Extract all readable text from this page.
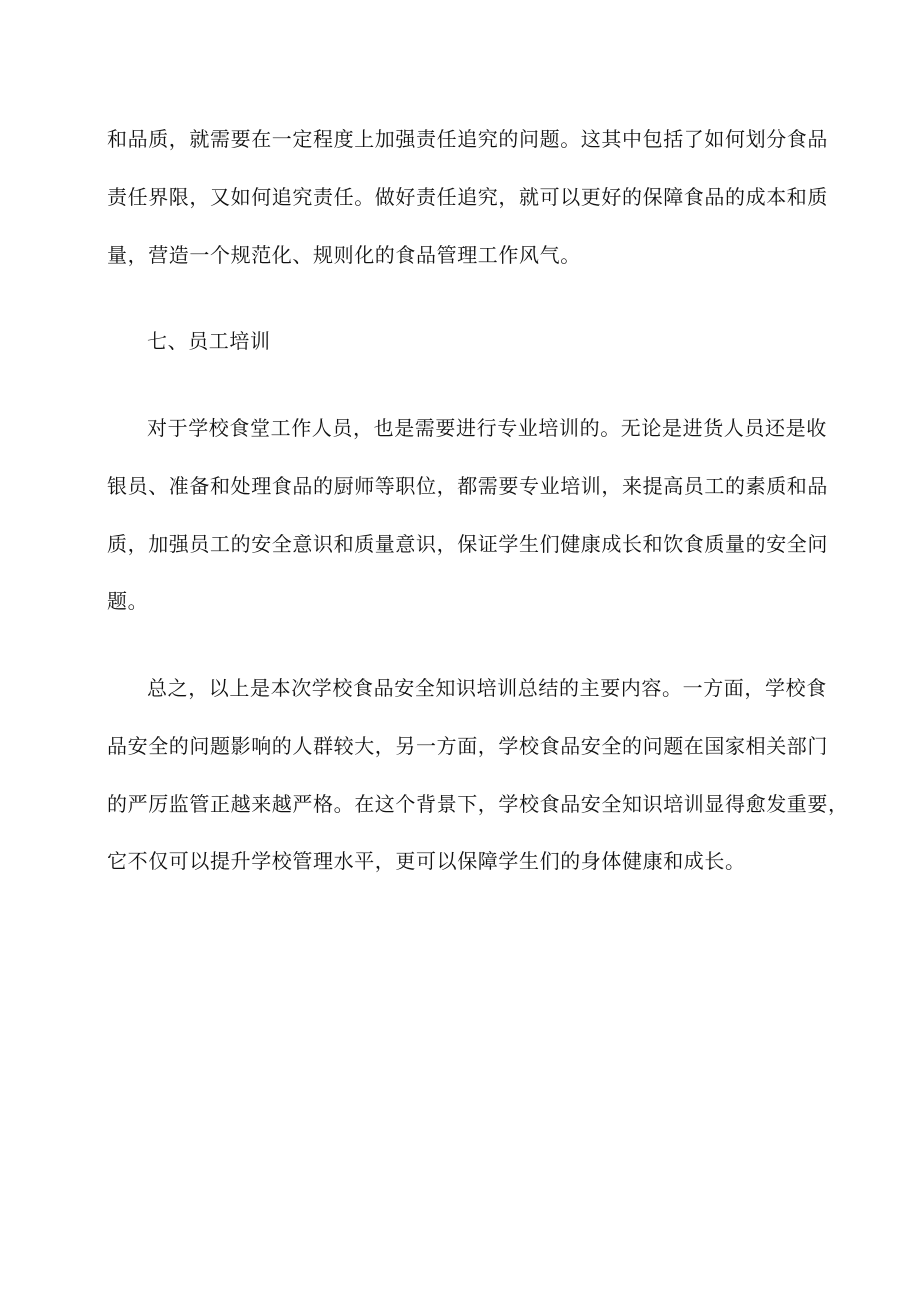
和品质，就需要在一定程度上加强责任追究的问题。这其中包括了如何划分食品
责任界限，又如何追究责任。做好责任追究，就可以更好的保障食品的成本和质
量，营造一个规范化、规则化的食品管理工作风气。
七、员工培训
对于学校食堂工作人员，也是需要进行专业培训的。无论是进货人员还是收
银员、准备和处理食品的厨师等职位，都需要专业培训，来提高员工的素质和品
质，加强员工的安全意识和质量意识，保证学生们健康成长和饮食质量的安全问
题。
总之，以上是本次学校食品安全知识培训总结的主要内容。一方面，学校食
品安全的问题影响的人群较大，另一方面，学校食品安全的问题在国家相关部门
的严厉监管正越来越严格。在这个背景下，学校食品安全知识培训显得愈发重要，
它不仅可以提升学校管理水平，更可以保障学生们的身体健康和成长。
